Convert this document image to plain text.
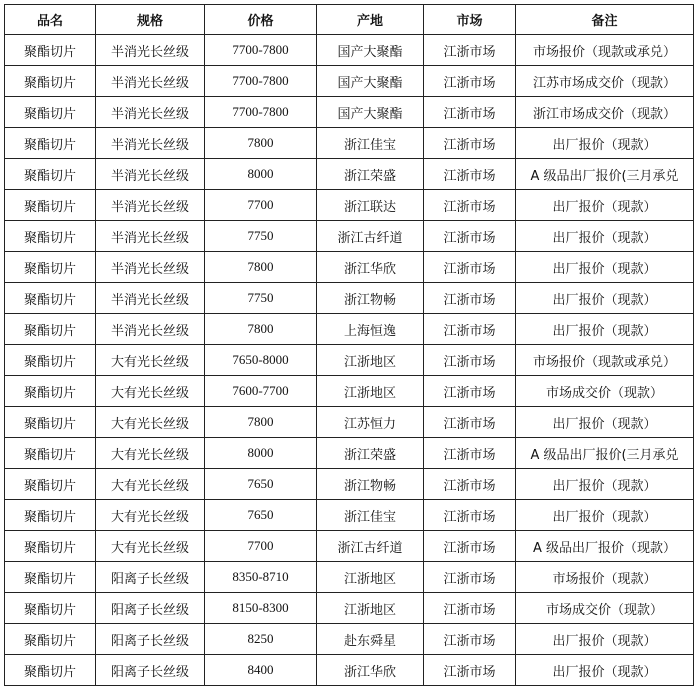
品名	规格	价格	产地	市场	备注
聚酯切片	半消光长丝级	7700-7800	国产大聚酯	江浙市场	市场报价（现款或承兑）
聚酯切片	半消光长丝级	7700-7800	国产大聚酯	江浙市场	江苏市场成交价（现款）
聚酯切片	半消光长丝级	7700-7800	国产大聚酯	江浙市场	浙江市场成交价（现款）
聚酯切片	半消光长丝级	7800	浙江佳宝	江浙市场	出厂报价（现款）
聚酯切片	半消光长丝级	8000	浙江荣盛	江浙市场	A 级品出厂报价(三月承兑
聚酯切片	半消光长丝级	7700	浙江联达	江浙市场	出厂报价（现款）
聚酯切片	半消光长丝级	7750	浙江古纤道	江浙市场	出厂报价（现款）
聚酯切片	半消光长丝级	7800	浙江华欣	江浙市场	出厂报价（现款）
聚酯切片	半消光长丝级	7750	浙江物畅	江浙市场	出厂报价（现款）
聚酯切片	半消光长丝级	7800	上海恒逸	江浙市场	出厂报价（现款）
聚酯切片	大有光长丝级	7650-8000	江浙地区	江浙市场	市场报价（现款或承兑）
聚酯切片	大有光长丝级	7600-7700	江浙地区	江浙市场	市场成交价（现款）
聚酯切片	大有光长丝级	7800	江苏恒力	江浙市场	出厂报价（现款）
聚酯切片	大有光长丝级	8000	浙江荣盛	江浙市场	A 级品出厂报价(三月承兑
聚酯切片	大有光长丝级	7650	浙江物畅	江浙市场	出厂报价（现款）
聚酯切片	大有光长丝级	7650	浙江佳宝	江浙市场	出厂报价（现款）
聚酯切片	大有光长丝级	7700	浙江古纤道	江浙市场	A 级品出厂报价（现款）
聚酯切片	阳离子长丝级	8350-8710	江浙地区	江浙市场	市场报价（现款）
聚酯切片	阳离子长丝级	8150-8300	江浙地区	江浙市场	市场成交价（现款）
聚酯切片	阳离子长丝级	8250	赴东舜星	江浙市场	出厂报价（现款）
聚酯切片	阳离子长丝级	8400	浙江华欣	江浙市场	出厂报价（现款）
